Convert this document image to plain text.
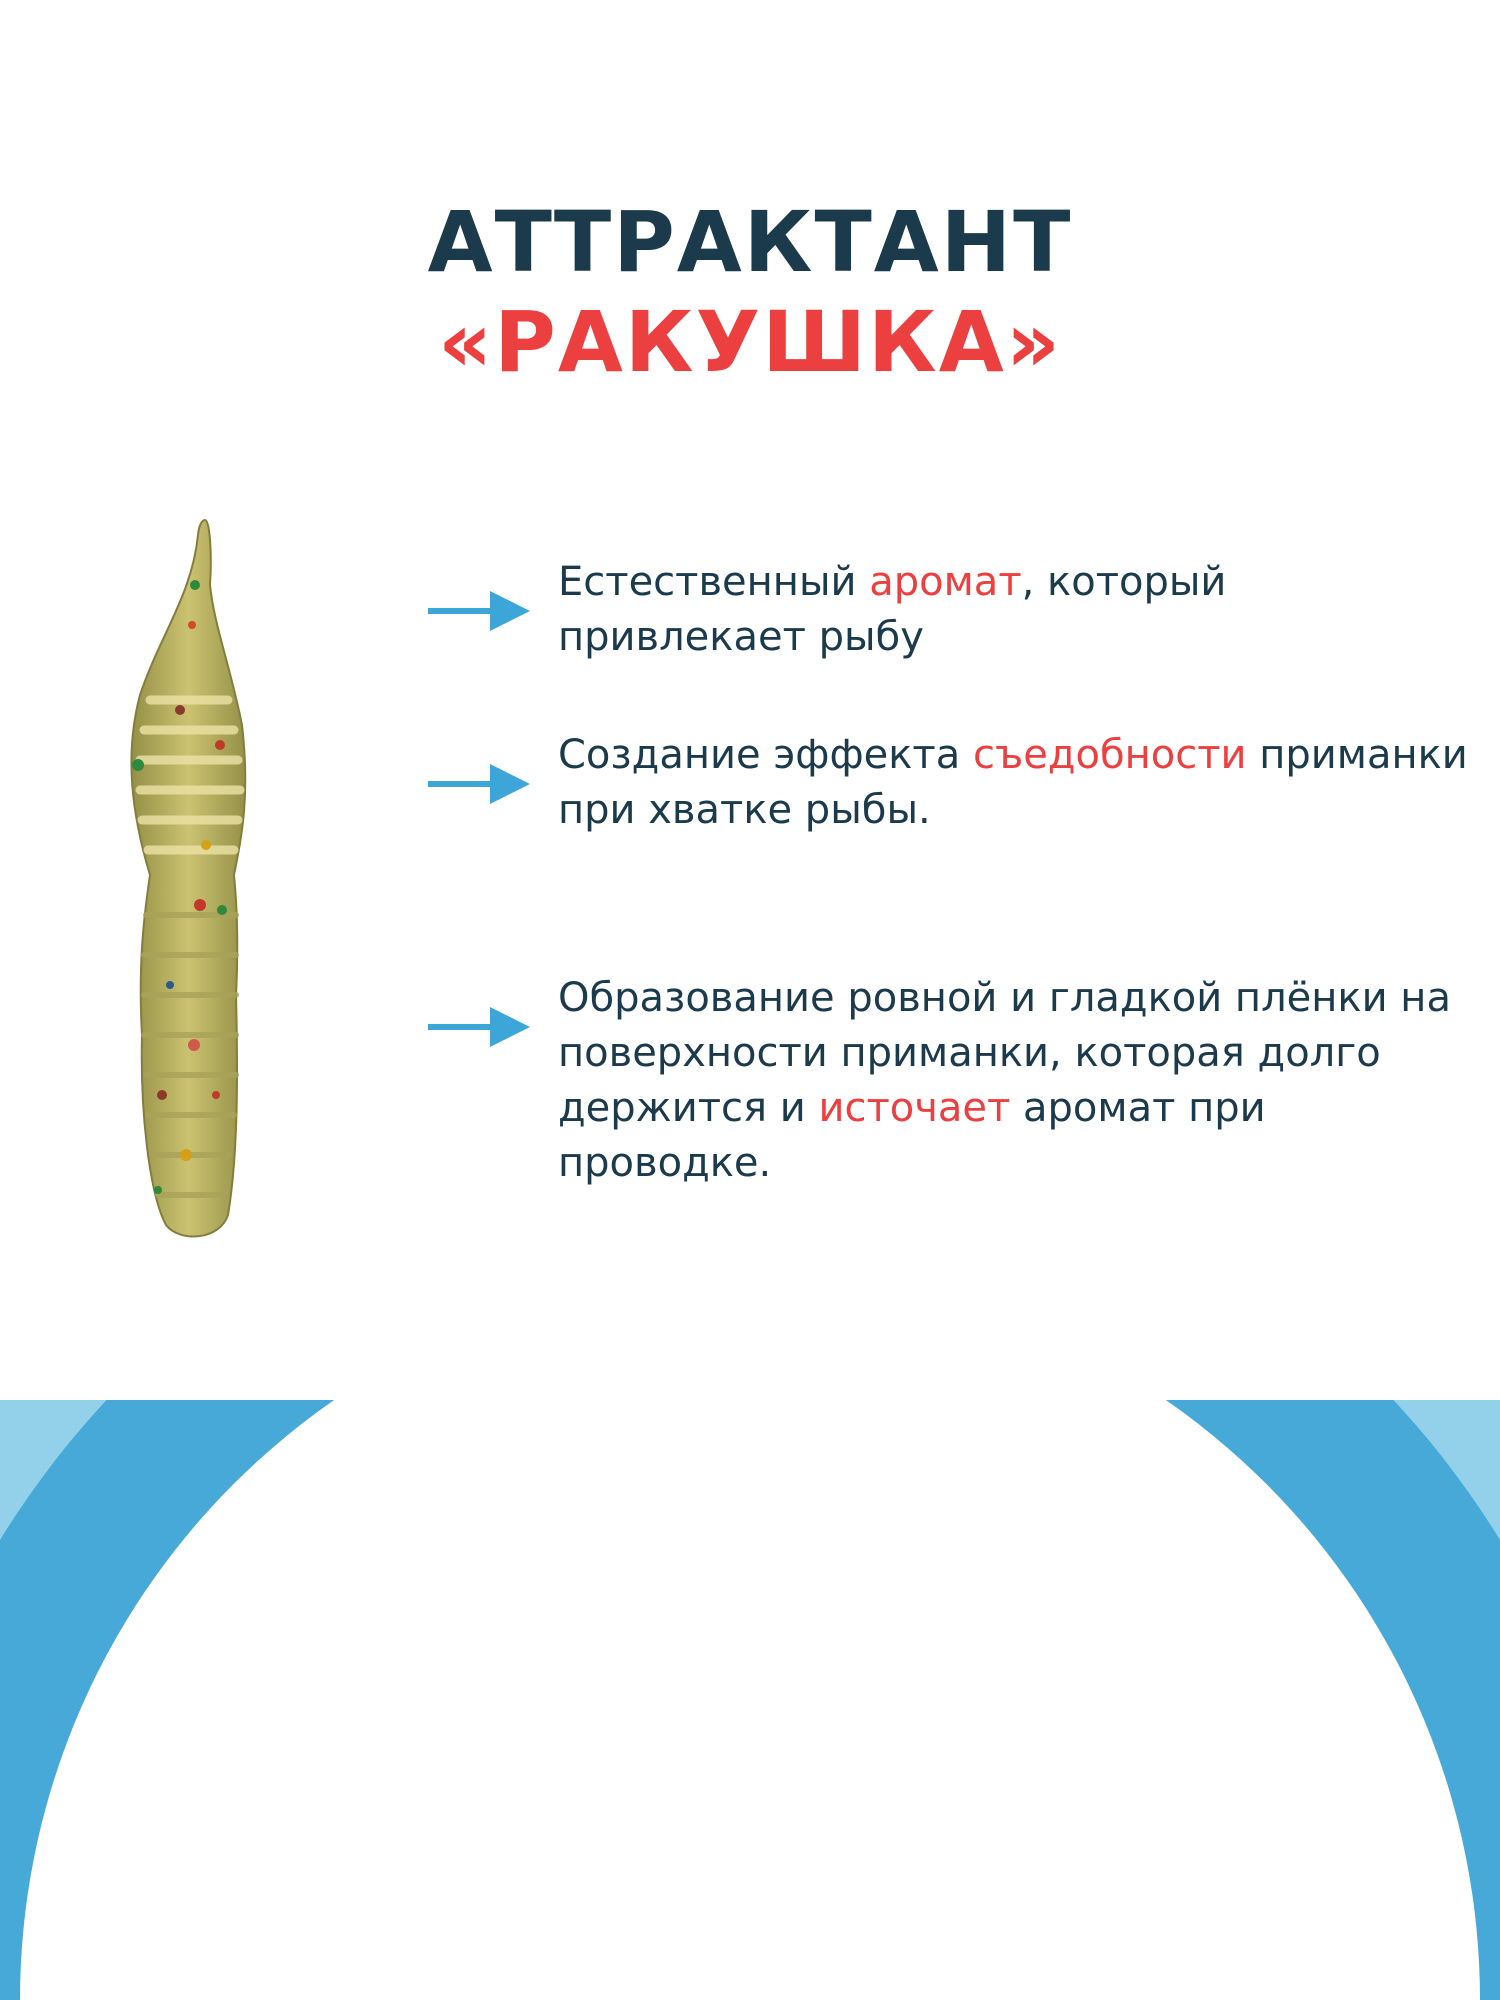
АТТРАКТАНТ
«РАКУШКА»
Естественный аромат, который привлекает рыбу
Создание эффекта съедобности приманки при хватке рыбы.
Образование ровной и гладкой плёнки на поверхности приманки, которая долго держится и источает аромат при проводке.
